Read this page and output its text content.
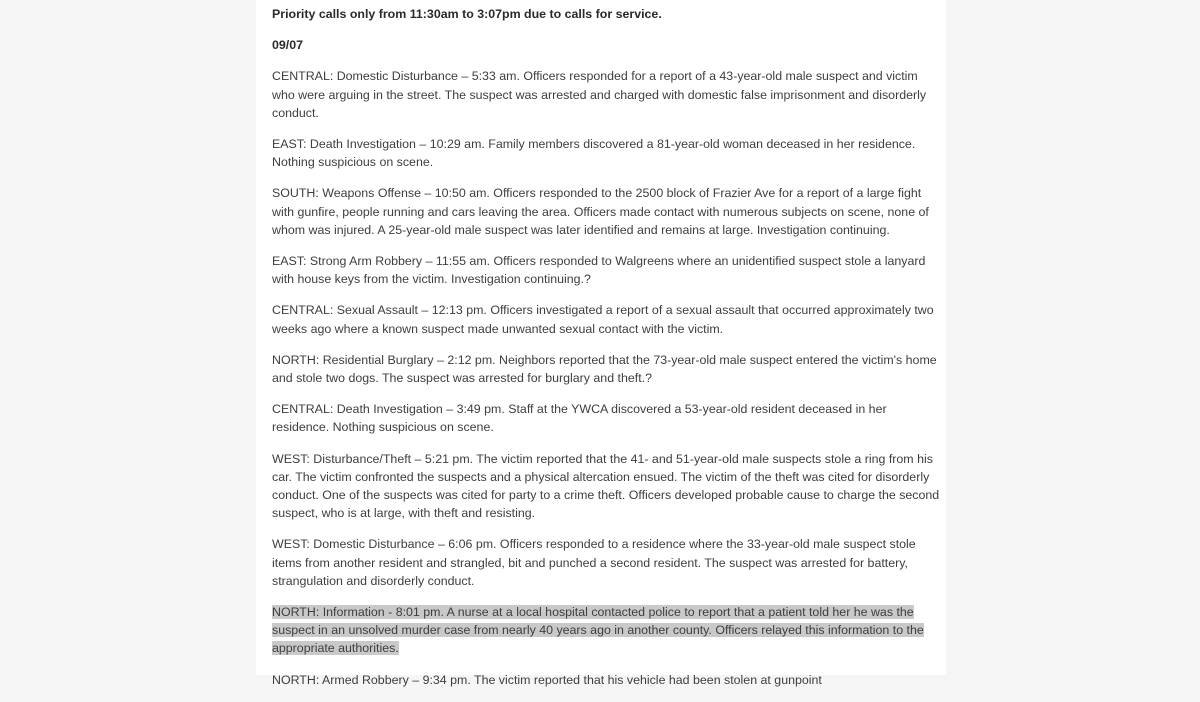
Priority calls only from 11:30am to 3:07pm due to calls for service.

09/07

CENTRAL: Domestic Disturbance – 5:33 am. Officers responded for a report of a 43-year-old male suspect and victim who were arguing in the street. The suspect was arrested and charged with domestic false imprisonment and disorderly conduct.

EAST: Death Investigation – 10:29 am. Family members discovered a 81-year-old woman deceased in her residence. Nothing suspicious on scene.

SOUTH: Weapons Offense – 10:50 am. Officers responded to the 2500 block of Frazier Ave for a report of a large fight with gunfire, people running and cars leaving the area. Officers made contact with numerous subjects on scene, none of whom was injured. A 25-year-old male suspect was later identified and remains at large. Investigation continuing.

EAST: Strong Arm Robbery – 11:55 am. Officers responded to Walgreens where an unidentified suspect stole a lanyard with house keys from the victim. Investigation continuing.?

CENTRAL: Sexual Assault – 12:13 pm. Officers investigated a report of a sexual assault that occurred approximately two weeks ago where a known suspect made unwanted sexual contact with the victim.

NORTH: Residential Burglary – 2:12 pm. Neighbors reported that the 73-year-old male suspect entered the victim's home and stole two dogs. The suspect was arrested for burglary and theft.?

CENTRAL: Death Investigation – 3:49 pm. Staff at the YWCA discovered a 53-year-old resident deceased in her residence. Nothing suspicious on scene.

WEST: Disturbance/Theft – 5:21 pm. The victim reported that the 41- and 51-year-old male suspects stole a ring from his car. The victim confronted the suspects and a physical altercation ensued. The victim of the theft was cited for disorderly conduct. One of the suspects was cited for party to a crime theft. Officers developed probable cause to charge the second suspect, who is at large, with theft and resisting.

WEST: Domestic Disturbance – 6:06 pm. Officers responded to a residence where the 33-year-old male suspect stole items from another resident and strangled, bit and punched a second resident. The suspect was arrested for battery, strangulation and disorderly conduct.

NORTH: Information - 8:01 pm. A nurse at a local hospital contacted police to report that a patient told her he was the suspect in an unsolved murder case from nearly 40 years ago in another county. Officers relayed this information to the appropriate authorities.

NORTH: Armed Robbery – 9:34 pm. The victim reported that his vehicle had been stolen at gunpoint
